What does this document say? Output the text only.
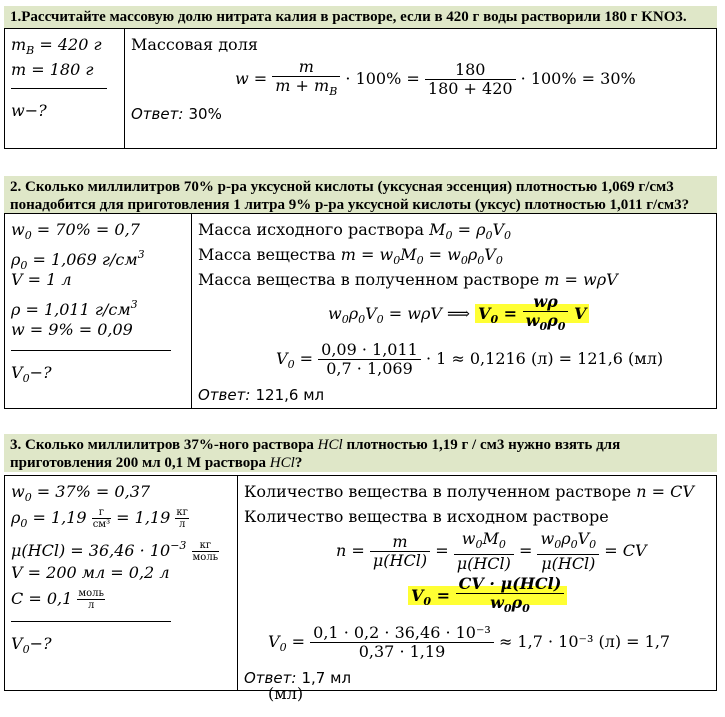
1.Рассчитайте массовую долю нитрата калия в растворе, если в 420 г воды растворили 180 г KNO3.
$m_B = 420$ г
m = 180 г
w−?

Массовая доля
$w = \frac{m}{m + m_B} \cdot 100\% = \frac{180}{180 + 420} \cdot 100\% = 30\%$
Ответ: 30%
2. Сколько миллилитров 70% р-ра уксусной кислоты (уксусная эссенция) плотностью 1,069 г/см3
понадобится для приготовления 1 литра 9% р-ра уксусной кислоты (уксус) плотностью 1,011 г/см3?
$w_0 = 70\% = 0,7$
$\rho_0 = 1,069$ $г/см^3$
V = 1 л
ρ = 1,011 $г/см^3$
w = 9% = 0,09
$V_0-$?

Масса исходного раствора $M_0 = \rho_0V_0$
Масса вещества $m = w_0M_0 = w_0\rho_0V_0$
Масса вещества в полученном растворе m = wρV
$w_0\rho_0V_0 = w\rho V$ ⟹ $V_0 = \frac{w\rho}{w_0\rho_0}$ V
$V_0 = \frac{0,09 \cdot 1,011}{0,7 \cdot 1,069} \cdot 1 \approx 0,1216$ (л) = 121,6 (мл)
Ответ: 121,6 мл
3. Сколько миллилитров 37%-ного раствора HCl плотностью 1,19 г / см3 нужно взять для
приготовления 200 мл 0,1 М раствора HCl?
$w_0 = 37\% = 0,37$
$\rho_0 = 1,19$ г
см³ = 1,19 кг
л
$\mu(HCl) = 36,46 \cdot 10^{-3}$	кг
моль
V = 200 мл = 0,2 л
C = 0,1 моль
л
$V_0-$?

Количество вещества в полученном растворе n = CV
Количество вещества в исходном растворе
$n = \frac{m}{\text{μ(HCl)}} = \frac{w_0M_0}{\text{μ(HCl)}} = \frac{w_0\rho_0V_0}{\text{μ(HCl)}}$ = CV
$V_0 = \frac{\text{CV · μ(HCl)}}{w_0\rho_0}$
$V_0 = \frac{\text{0,1 · 0,2 · 36,46 · 10⁻³}}{0,37 \cdot 1,19} \approx 1,7 \cdot 10^{-3}$ (л) = 1,7 (мл)
Ответ: 1,7 мл
